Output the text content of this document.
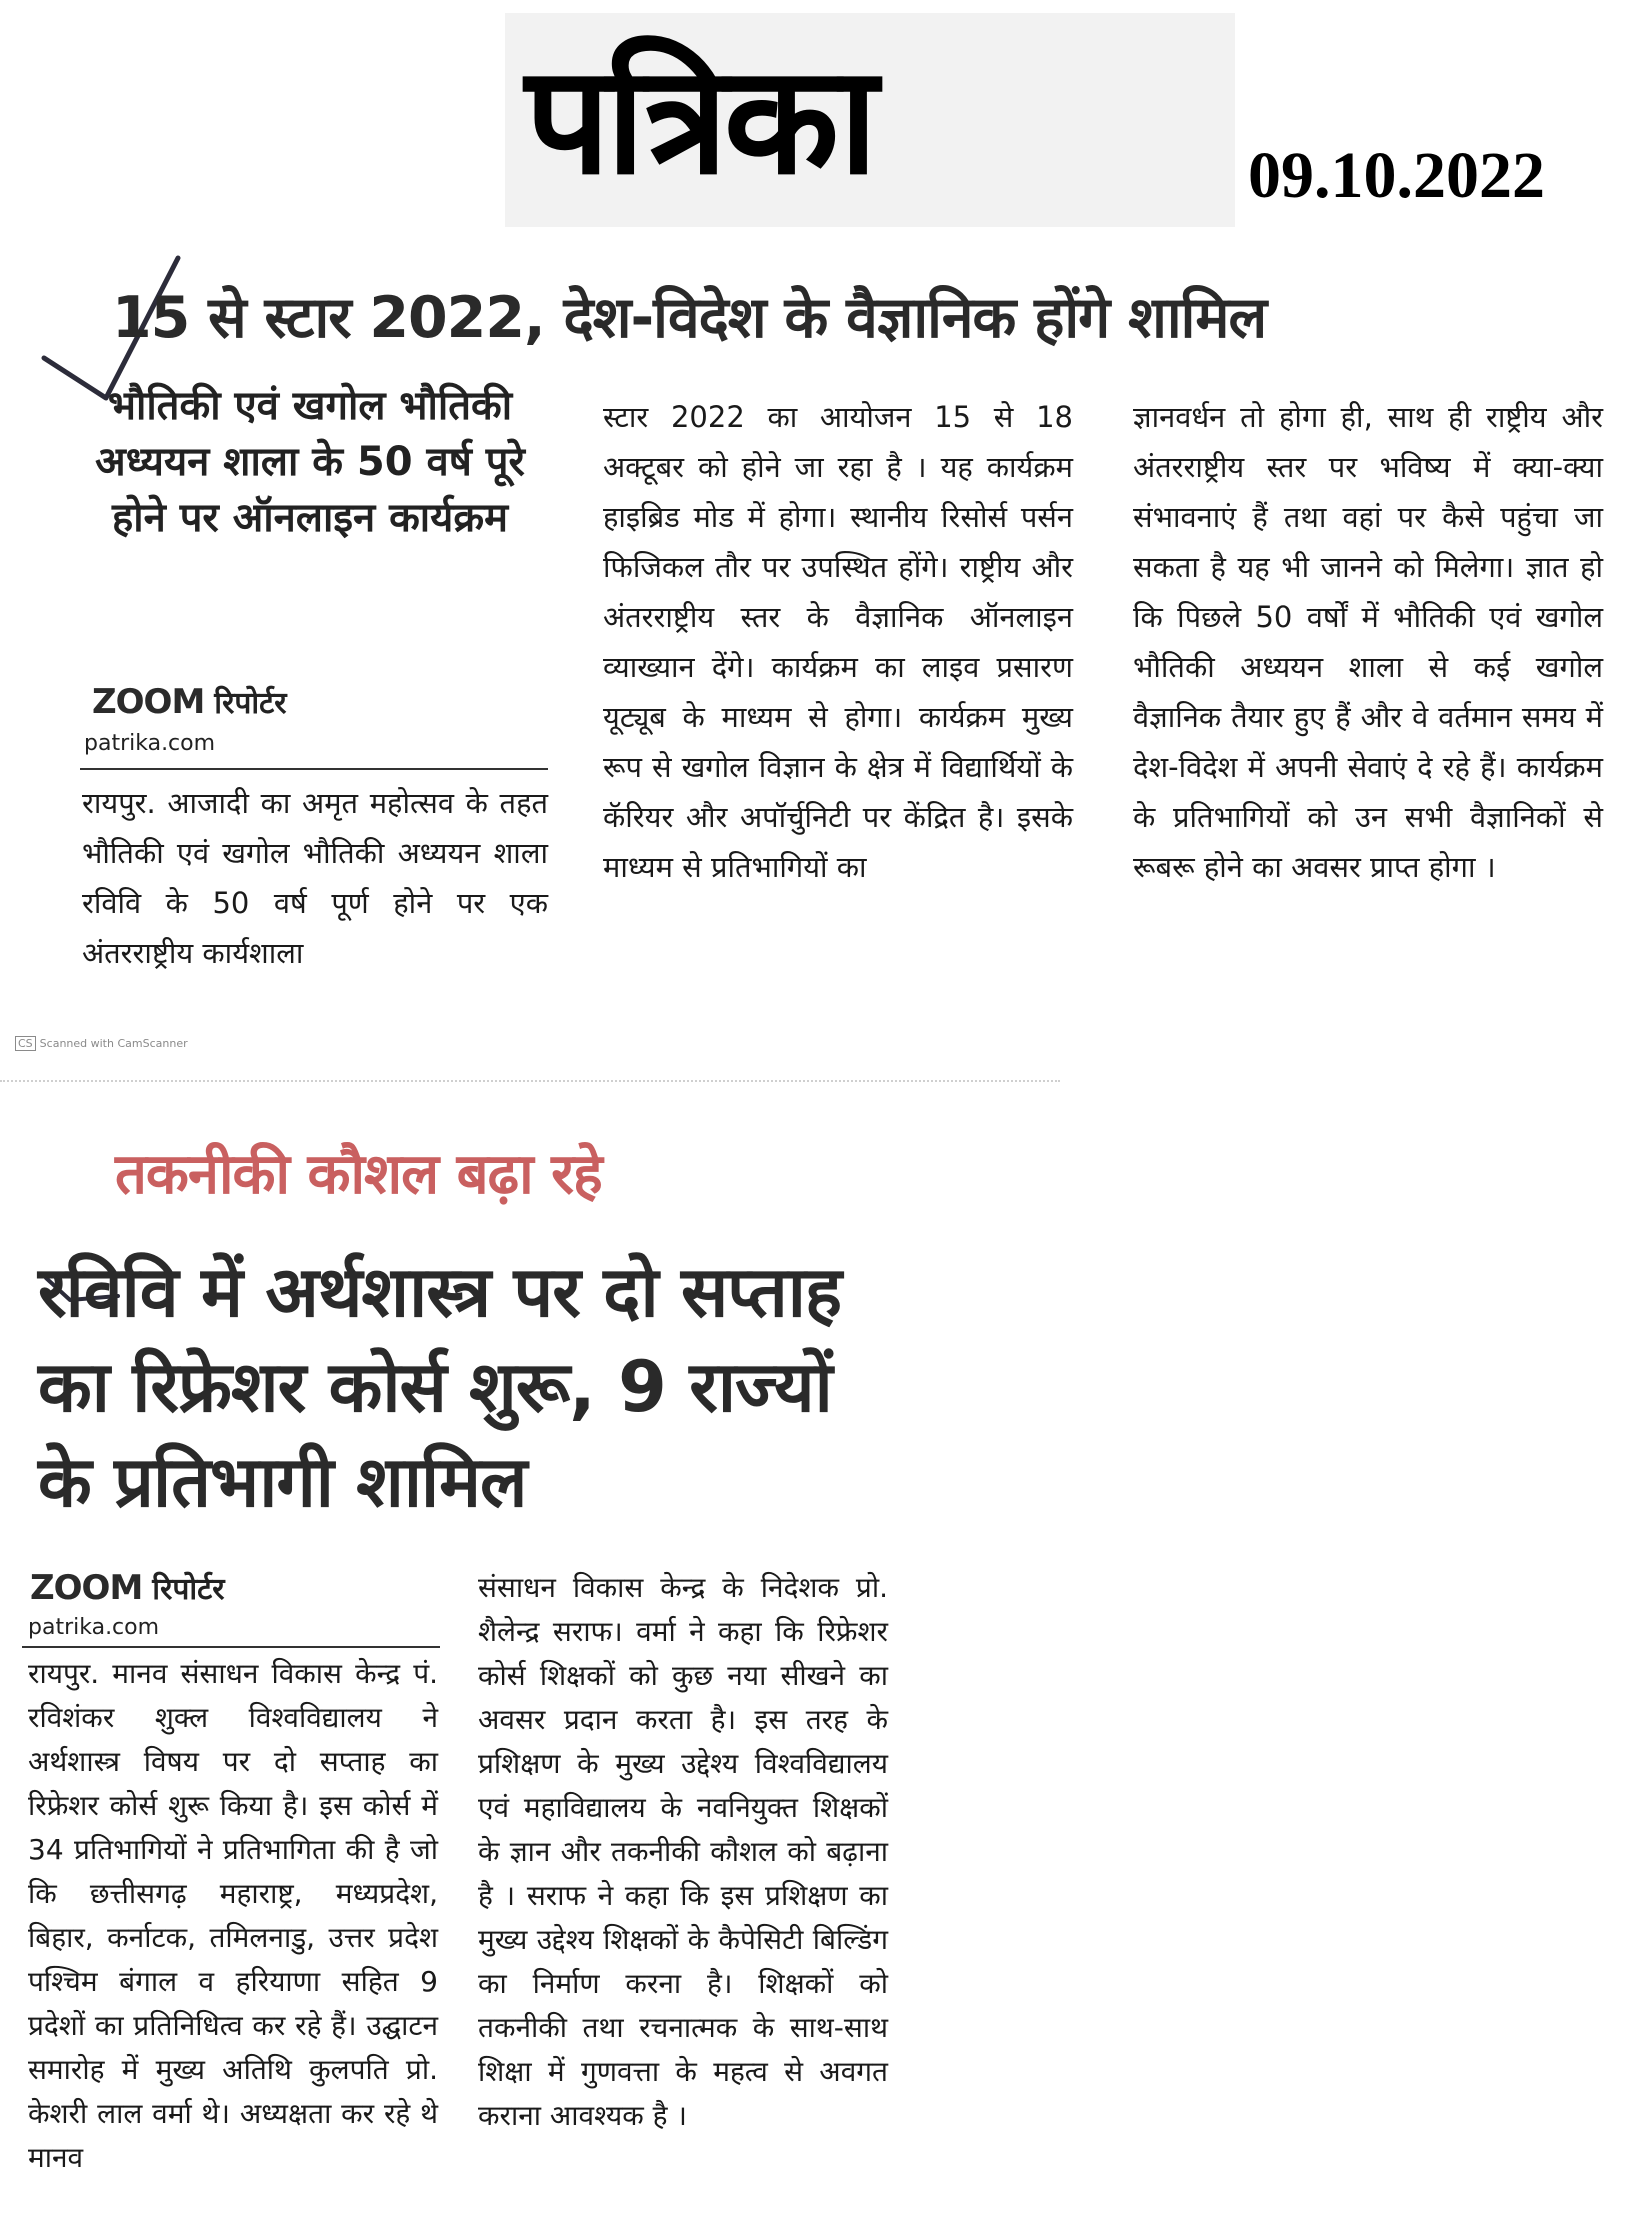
पत्रिका	09.10.2022
15 से स्टार 2022, देश-विदेश के वैज्ञानिक होंगे शामिल
भौतिकी एवं खगोल भौतिकी अध्ययन शाला के 50 वर्ष पूरे होने पर ऑनलाइन कार्यक्रम
ZOOM रिपोर्टर
patrika.com

रायपुर. आजादी का अमृत महोत्सव के तहत भौतिकी एवं खगोल भौतिकी अध्ययन शाला रविवि के 50 वर्ष पूर्ण होने पर एक अंतरराष्ट्रीय कार्यशाला

स्टार 2022 का आयोजन 15 से 18 अक्टूबर को होने जा रहा है । यह कार्यक्रम हाइब्रिड मोड में होगा। स्थानीय रिसोर्स पर्सन फिजिकल तौर पर उपस्थित होंगे। राष्ट्रीय और अंतरराष्ट्रीय स्तर के वैज्ञानिक ऑनलाइन व्याख्यान देंगे। कार्यक्रम का लाइव प्रसारण यूट्यूब के माध्यम से होगा। कार्यक्रम मुख्य रूप से खगोल विज्ञान के क्षेत्र में विद्यार्थियों के कॅरियर और अपॉर्चुनिटी पर केंद्रित है। इसके माध्यम से प्रतिभागियों का

ज्ञानवर्धन तो होगा ही, साथ ही राष्ट्रीय और अंतरराष्ट्रीय स्तर पर भविष्य में क्या-क्या संभावनाएं हैं तथा वहां पर कैसे पहुंचा जा सकता है यह भी जानने को मिलेगा। ज्ञात हो कि पिछले 50 वर्षों में भौतिकी एवं खगोल भौतिकी अध्ययन शाला से कई खगोल वैज्ञानिक तैयार हुए हैं और वे वर्तमान समय में देश-विदेश में अपनी सेवाएं दे रहे हैं। कार्यक्रम के प्रतिभागियों को उन सभी वैज्ञानिकों से रूबरू होने का अवसर प्राप्त होगा ।

CS Scanned with CamScanner
तकनीकी कौशल बढ़ा रहे
रविवि में अर्थशास्त्र पर दो सप्ताह का रिफ्रेशर कोर्स शुरू, 9 राज्यों के प्रतिभागी शामिल
ZOOM रिपोर्टर
patrika.com

रायपुर. मानव संसाधन विकास केन्द्र पं. रविशंकर शुक्ल विश्वविद्यालय ने अर्थशास्त्र विषय पर दो सप्ताह का रिफ्रेशर कोर्स शुरू किया है। इस कोर्स में 34 प्रतिभागियों ने प्रतिभागिता की है जो कि छत्तीसगढ़ महाराष्ट्र, मध्यप्रदेश, बिहार, कर्नाटक, तमिलनाडु, उत्तर प्रदेश पश्चिम बंगाल व हरियाणा सहित 9 प्रदेशों का प्रतिनिधित्व कर रहे हैं। उद्घाटन समारोह में मुख्य अतिथि कुलपति प्रो. केशरी लाल वर्मा थे। अध्यक्षता कर रहे थे मानव

संसाधन विकास केन्द्र के निदेशक प्रो. शैलेन्द्र सराफ। वर्मा ने कहा कि रिफ्रेशर कोर्स शिक्षकों को कुछ नया सीखने का अवसर प्रदान करता है। इस तरह के प्रशिक्षण के मुख्य उद्देश्य विश्वविद्यालय एवं महाविद्यालय के नवनियुक्त शिक्षकों के ज्ञान और तकनीकी कौशल को बढ़ाना है । सराफ ने कहा कि इस प्रशिक्षण का मुख्य उद्देश्य शिक्षकों के कैपेसिटी बिल्डिंग का निर्माण करना है। शिक्षकों को तकनीकी तथा रचनात्मक के साथ-साथ शिक्षा में गुणवत्ता के महत्व से अवगत कराना आवश्यक है ।
